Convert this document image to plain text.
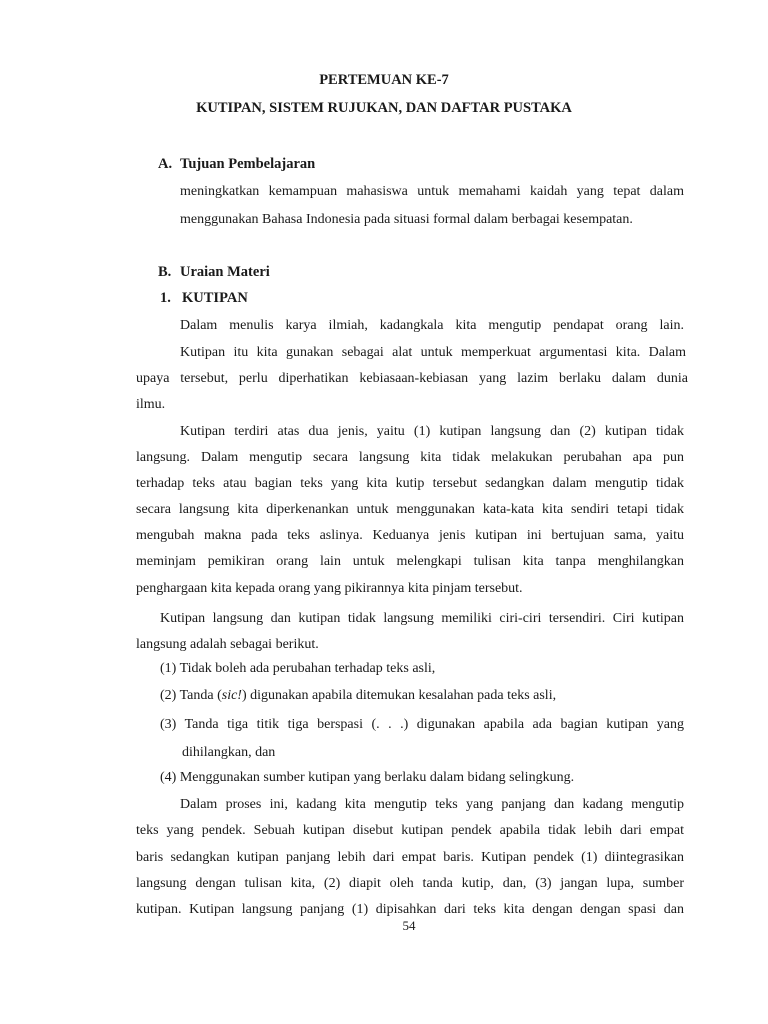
PERTEMUAN KE-7
KUTIPAN, SISTEM RUJUKAN, DAN DAFTAR PUSTAKA
A. Tujuan Pembelajaran
meningkatkan kemampuan mahasiswa untuk memahami kaidah yang tepat dalam
menggunakan Bahasa Indonesia pada situasi formal dalam berbagai kesempatan.
B. Uraian Materi
1. KUTIPAN
Dalam menulis karya ilmiah, kadangkala kita mengutip pendapat orang lain.
Kutipan itu kita gunakan sebagai alat untuk memperkuat argumentasi kita. Dalam
upaya tersebut, perlu diperhatikan kebiasaan-kebiasan yang lazim berlaku dalam dunia
ilmu.
Kutipan terdiri atas dua jenis, yaitu (1) kutipan langsung dan (2) kutipan tidak
langsung. Dalam mengutip secara langsung kita tidak melakukan perubahan apa pun
terhadap teks atau bagian teks yang kita kutip tersebut sedangkan dalam mengutip tidak
secara langsung kita diperkenankan untuk menggunakan kata-kata kita sendiri tetapi tidak
mengubah makna pada teks aslinya. Keduanya jenis kutipan ini bertujuan sama, yaitu
meminjam pemikiran orang lain untuk melengkapi tulisan kita tanpa menghilangkan
penghargaan kita kepada orang yang pikirannya kita pinjam tersebut.
Kutipan langsung dan kutipan tidak langsung memiliki ciri-ciri tersendiri. Ciri kutipan
langsung adalah sebagai berikut.
(1) Tidak boleh ada perubahan terhadap teks asli,
(2) Tanda (sic!) digunakan apabila ditemukan kesalahan pada teks asli,
(3) Tanda tiga titik tiga berspasi (. . .) digunakan apabila ada bagian kutipan yang
dihilangkan, dan
(4) Menggunakan sumber kutipan yang berlaku dalam bidang selingkung.
Dalam proses ini, kadang kita mengutip teks yang panjang dan kadang mengutip
teks yang pendek. Sebuah kutipan disebut kutipan pendek apabila tidak lebih dari empat
baris sedangkan kutipan panjang lebih dari empat baris. Kutipan pendek (1) diintegrasikan
langsung dengan tulisan kita, (2) diapit oleh tanda kutip, dan, (3) jangan lupa, sumber
kutipan. Kutipan langsung panjang (1) dipisahkan dari teks kita dengan dengan spasi dan
54
